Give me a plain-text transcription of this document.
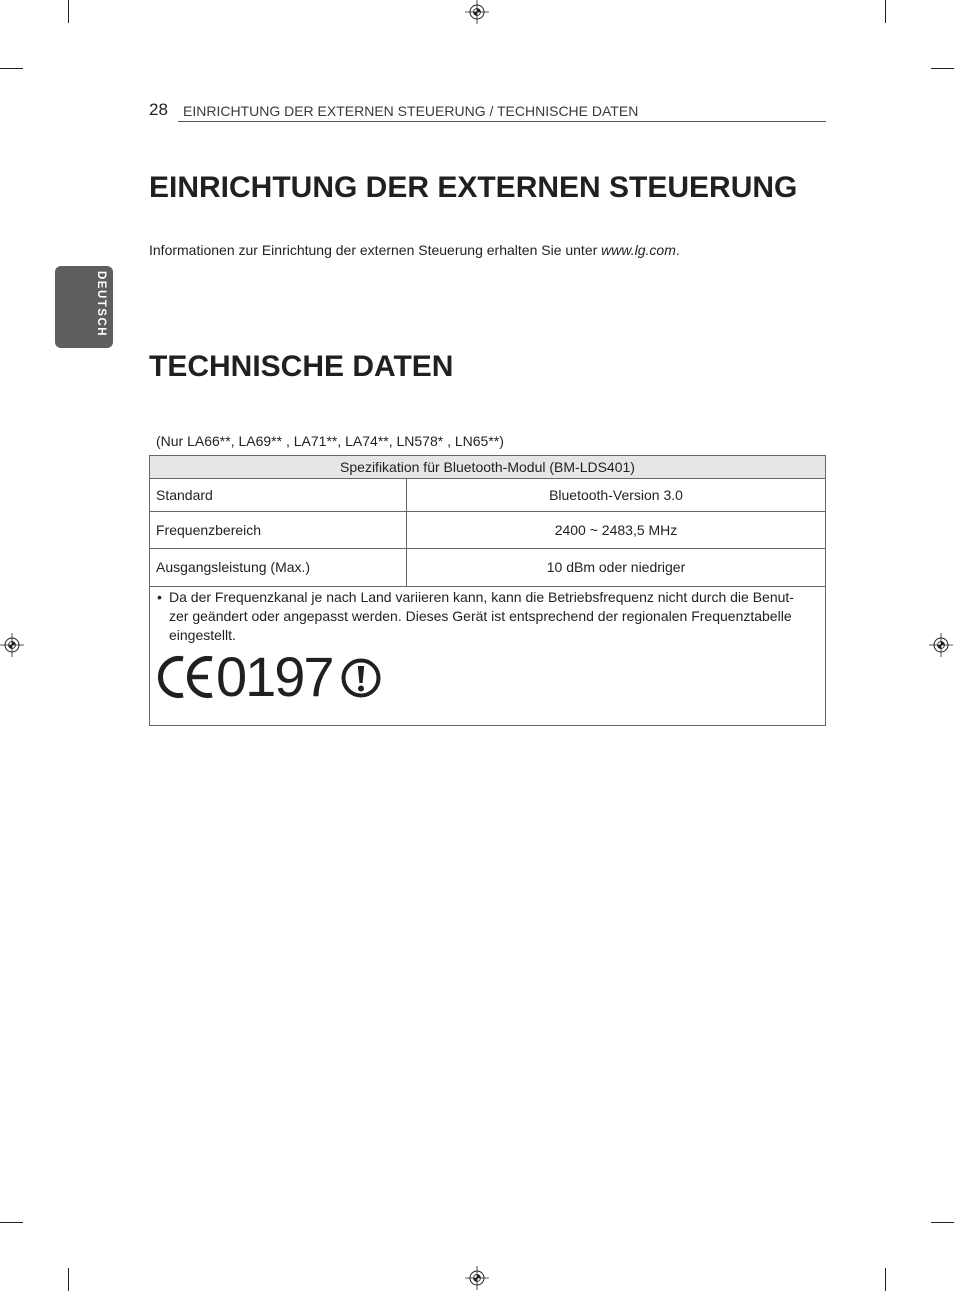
28 EINRICHTUNG DER EXTERNEN STEUERUNG / TECHNISCHE DATEN
DEUTSCH
EINRICHTUNG DER EXTERNEN STEUERUNG

Informationen zur Einrichtung der externen Steuerung erhalten Sie unter www.lg.com.

TECHNISCHE DATEN
(Nur LA66**, LA69** , LA71**, LA74**, LN578* , LN65**)
Spezifikation für Bluetooth-Modul (BM-LDS401)
Standard	Bluetooth-Version 3.0
Frequenzbereich	2400 ~ 2483,5 MHz
Ausgangsleistung (Max.)	10 dBm oder niedriger
• Da der Frequenzkanal je nach Land variieren kann, kann die Betriebsfrequenz nicht durch die Benut-
zer geändert oder angepasst werden. Dieses Gerät ist entsprechend der regionalen Frequenztabelle
eingestellt.
0197
